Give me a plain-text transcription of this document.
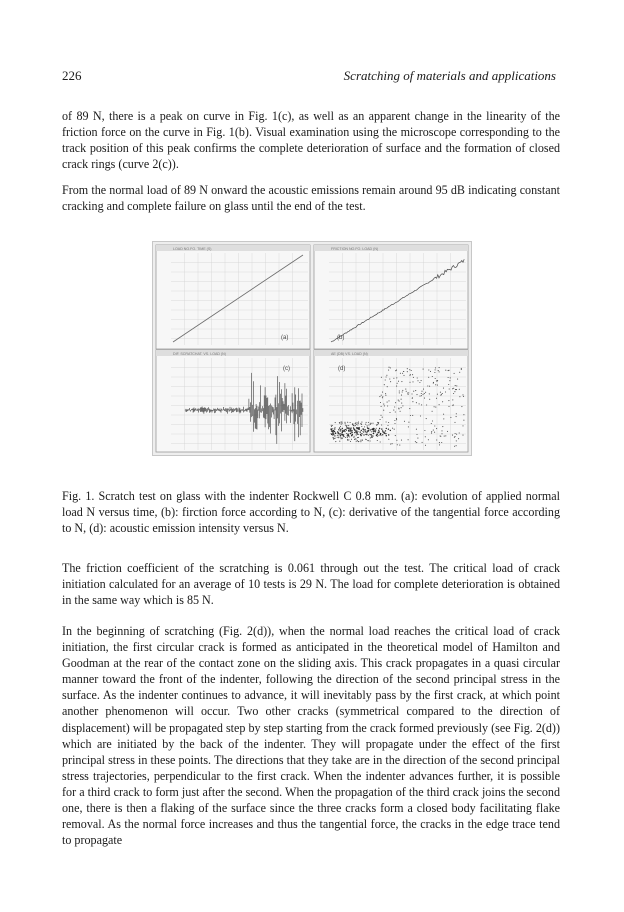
226	Scratching of materials and applications

of 89 N, there is a peak on curve in Fig. 1(c), as well as an apparent change in the linearity of the friction force on the curve in Fig. 1(b). Visual examination using the microscope corresponding to the track position of this peak confirms the complete deterioration of surface and the formation of closed crack rings (curve 2(c)).

From the normal load of 89 N onward the acoustic emissions remain around 95 dB indicating constant cracking and complete failure on glass until the end of the test.

LOAD NO.FO. TIME (S)	FRICTION NO.FO. LOAD (N)
DIF. SCRATCHAT. VS. LOAD (N)	AE (DB) VS. LOAD (N)
(a)	(b)
(c)	(d)

Fig. 1. Scratch test on glass with the indenter Rockwell C 0.8 mm. (a): evolution of applied normal load N versus time, (b): firction force according to N, (c): derivative of the tangential force according to N, (d): acoustic emission intensity versus N.

The friction coefficient of the scratching is 0.061 through out the test. The critical load of crack initiation calculated for an average of 10 tests is 29 N. The load for complete deterioration is obtained in the same way which is 85 N.

In the beginning of scratching (Fig. 2(d)), when the normal load reaches the critical load of crack initiation, the first circular crack is formed as anticipated in the theoretical model of Hamilton and Goodman at the rear of the contact zone on the sliding axis. This crack propagates in a quasi circular manner toward the front of the indenter, following the direction of the second principal stress in the surface. As the indenter continues to advance, it will inevitably pass by the first crack, at which point another phenomenon will occur. Two other cracks (symmetrical compared to the direction of displacement) will be propagated step by step starting from the crack formed previously (see Fig. 2(d)) which are initiated by the back of the indenter. They will propagate under the effect of the first principal stress in these points. The directions that they take are in the direction of the second principal stress trajectories, perpendicular to the first crack. When the indenter advances further, it is possible for a third crack to form just after the second. When the propagation of the third crack joins the second one, there is then a flaking of the surface since the three cracks form a closed body facilitating flake removal. As the normal force increases and thus the tangential force, the cracks in the edge trace tend to propagate
